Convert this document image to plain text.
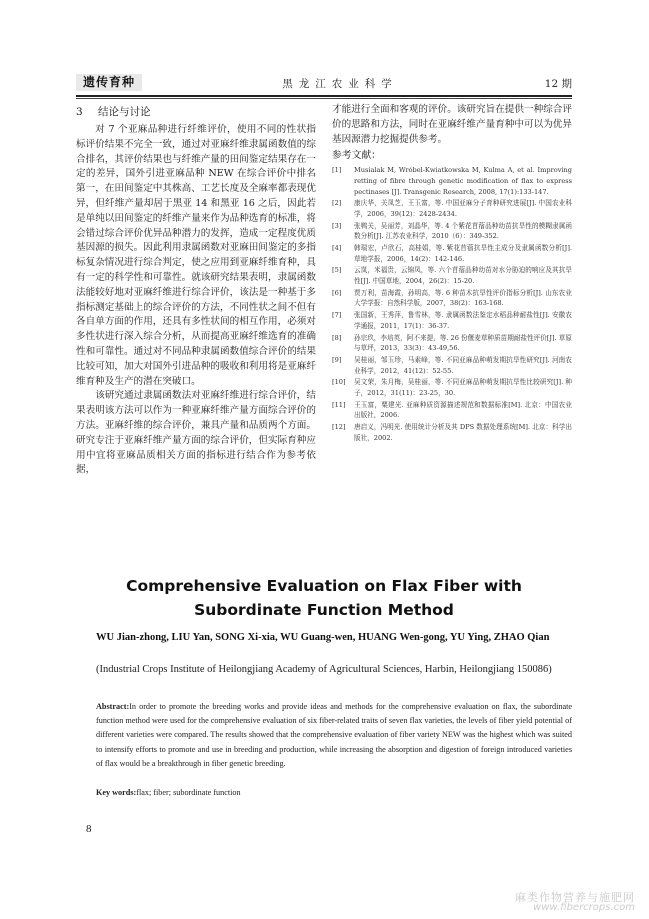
遗传育种	黑龙江农业科学	12 期
3 结论与讨论

对 7 个亚麻品种进行纤维评价，使用不同的性状指标评价结果不完全一致，通过对亚麻纤维隶属函数值的综合排名，其评价结果也与纤维产量的田间鉴定结果存在一定的差异，国外引进亚麻品种 NEW 在综合评价中排名第一，在田间鉴定中其株高、工艺长度及全麻率都表现优异，但纤维产量却居于黑亚 14 和黑亚 16 之后，因此若是单纯以田间鉴定的纤维产量来作为品种选育的标准，将会错过综合评价优异品种潜力的发挥，造成一定程度优质基因源的损失。因此利用隶属函数对亚麻田间鉴定的多指标复杂情况进行综合判定，使之应用到亚麻纤维育种，具有一定的科学性和可靠性。就该研究结果表明，隶属函数法能较好地对亚麻纤维进行综合评价，该法是一种基于多指标测定基础上的综合评价的方法，不同性状之间不但有各自单方面的作用，还具有多性状间的相互作用，必须对多性状进行深入综合分析，从而提高亚麻纤维选育的准确性和可靠性。通过对不同品种隶属函数值综合评价的结果比较可知，加大对国外引进品种的吸收和利用将是亚麻纤维育种及生产的潜在突破口。

该研究通过隶属函数法对亚麻纤维进行综合评价，结果表明该方法可以作为一种亚麻纤维产量方面综合评价的方法。亚麻纤维的综合评价，兼具产量和品质两个方面。研究专注于亚麻纤维产量方面的综合评价，但实际育种应用中宜将亚麻品质相关方面的指标进行结合作为参考依据，

才能进行全面和客观的评价。该研究旨在提供一种综合评价的思路和方法，同时在亚麻纤维产量育种中可以为优异基因源潜力挖掘提供参考。

参考文献：
[1]	Musialak M, Wróbel-Kwiatkowska M, Kulma A, et al. Improving retting of fibre through genetic modification of flax to express pectinases [J]. Transgenic Research, 2008, 17(1):133-147.
[2]	康庆华，关凤芝，王玉富，等. 中国亚麻分子育种研究进展[J]. 中国农业科学，2006，39(12)：2428-2434.
[3]	张鸭关，吴丽芳，刘晶华，等. 4 个紫花苜蓿品种幼苗抗旱性的模糊隶属函数分析[J]. 江苏农业科学，2010（6）：349-352.
[4]	韩瑞宏，卢欣石，高桂娟，等. 紫花苜蓿抗旱性主成分及隶属函数分析[J]. 草地学报，2006，14(2)：142-146.
[5]	云岚，米福贵，云锦凤，等. 六个苜蓿品种幼苗对水分胁迫的响应及其抗旱性[J]. 中国草地，2004，26(2)：15-20.
[6]	贾万利，苗海霞，孙明高，等. 6 种苗木抗旱性评价指标分析[J]. 山东农业大学学报：自然科学版，2007，38(2)：163-168.
[7]	张国新，王秀萍，鲁雪林，等. 隶属函数法鉴定水稻品种耐盐性[J]. 安徽农学通报，2011，17(1)：36-37.
[8]	孙宗玖，李培英，阿不来提，等. 26 份偃麦草种质苗期耐盐性评价[J]. 草原与草坪，2013，33(3)：43-49,56.
[9]	吴桂丽，邹玉珍，马素峰，等. 不同亚麻品种萌发期抗旱性研究[J]. 河南农业科学，2012，41(12)：52-55.
[10]	吴文荣，朱月梅，吴桂丽，等. 不同亚麻品种萌发期抗旱性比较研究[J]. 种子，2012，31(11)：23-25，30.
[11]	王玉富，粟建光. 亚麻种质资源描述规范和数据标准[M]. 北京：中国农业出版社，2006.
[12]	唐启义，冯明光. 使用统计分析及其 DPS 数据处理系统[M]. 北京：科学出版社，2002.
Comprehensive Evaluation on Flax Fiber with
Subordinate Function Method
WU Jian-zhong, LIU Yan, SONG Xi-xia, WU Guang-wen, HUANG Wen-gong, YU Ying, ZHAO Qian
(Industrial Crops Institute of Heilongjiang Academy of Agricultural Sciences, Harbin, Heilongjiang 150086)

Abstract:In order to promote the breeding works and provide ideas and methods for the comprehensive evaluation on flax, the subordinate function method were used for the comprehensive evaluation of six fiber-related traits of seven flax varieties, the levels of fiber yield potential of different varieties were compared. The results showed that the comprehensive evaluation of fiber variety NEW was the highest which was suited to intensify efforts to promote and use in breeding and production, while increasing the absorption and digestion of foreign introduced varieties of flax would be a breakthrough in fiber genetic breeding.

Key words:flax; fiber; subordinate function

8
麻类作物营养与施肥网
www.fibercrops.com
